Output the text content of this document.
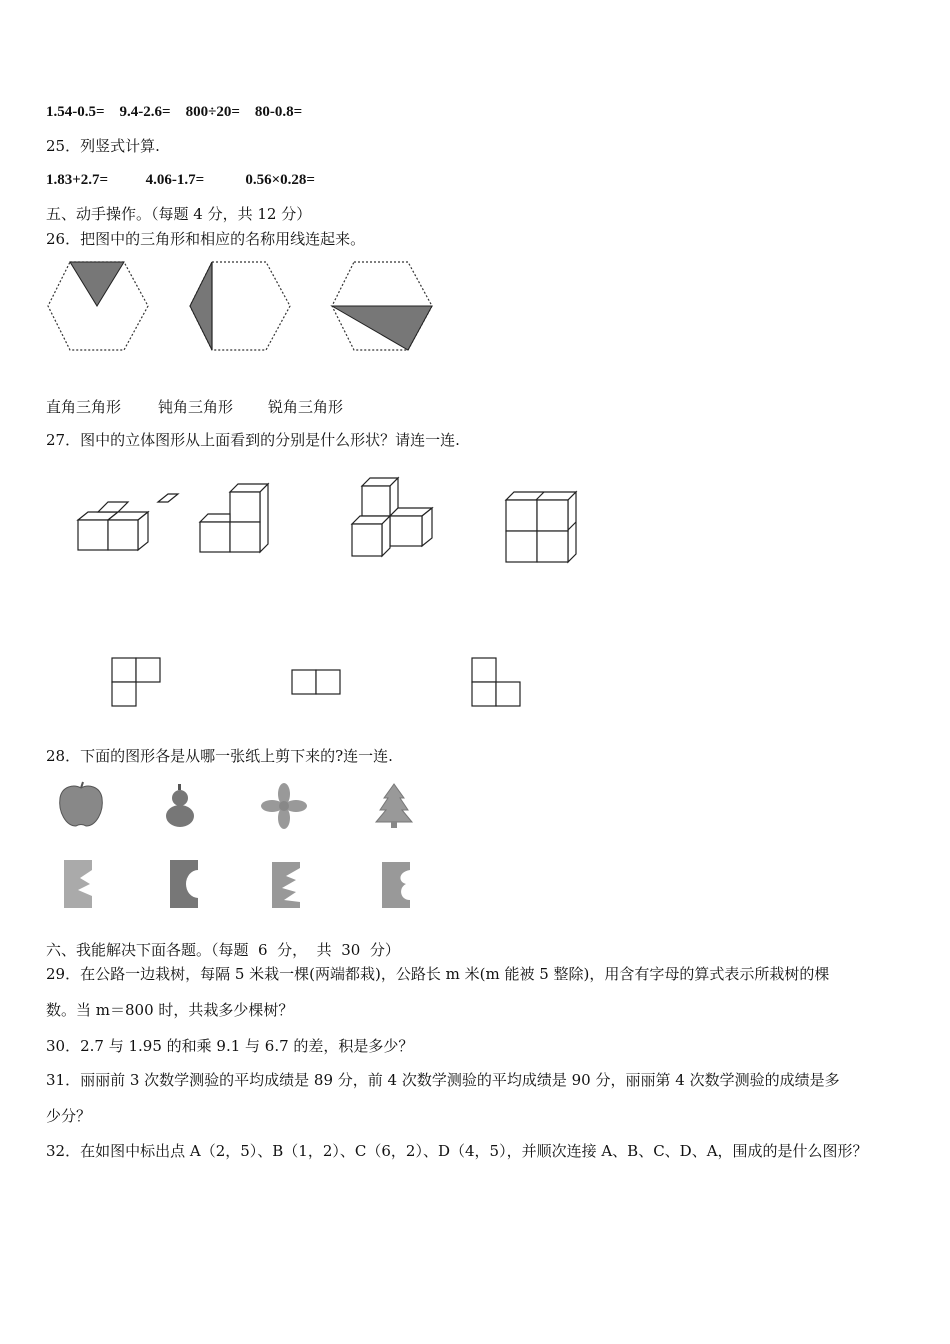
1.54-0.5=    9.4-2.6=    800÷20=    80-0.8=
25．列竖式计算.
1.83+2.7=          4.06-1.7=           0.56×0.28=
五、动手操作。（每题 4 分，共 12 分）
26．把图中的三角形和相应的名称用线连起来。
直角三角形 钝角三角形 锐角三角形
27．图中的立体图形从上面看到的分别是什么形状？请连一连.
28．下面的图形各是从哪一张纸上剪下来的?连一连.
六、我能解决下面各题。（每题  6  分，  共  30  分）
29．在公路一边栽树，每隔 5 米栽一棵(两端都栽)，公路长 m 米(m 能被 5 整除)，用含有字母的算式表示所栽树的棵
数。当 m＝800 时，共栽多少棵树？
30．2.7 与 1.95 的和乘 9.1 与 6.7 的差，积是多少？
31．丽丽前 3 次数学测验的平均成绩是 89 分，前 4 次数学测验的平均成绩是 90 分，丽丽第 4 次数学测验的成绩是多
少分？
32．在如图中标出点 A（2，5）、B（1，2）、C（6，2）、D（4，5），并顺次连接 A、B、C、D、A，围成的是什么图形？
